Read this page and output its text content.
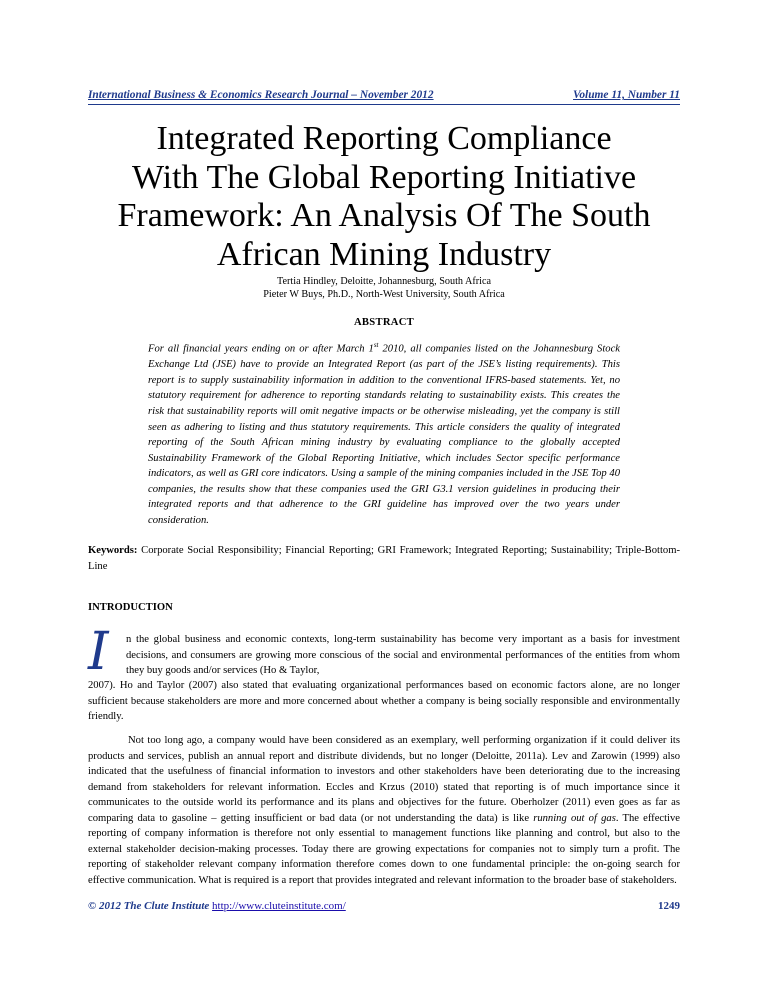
International Business & Economics Research Journal – November 2012	Volume 11, Number 11
Integrated Reporting Compliance
With The Global Reporting Initiative
Framework: An Analysis Of The South
African Mining Industry
Tertia Hindley, Deloitte, Johannesburg, South Africa
Pieter W Buys, Ph.D., North-West University, South Africa
ABSTRACT
For all financial years ending on or after March 1st 2010, all companies listed on the Johannesburg Stock Exchange Ltd (JSE) have to provide an Integrated Report (as part of the JSE’s listing requirements). This report is to supply sustainability information in addition to the conventional IFRS-based statements. Yet, no statutory requirement for adherence to reporting standards relating to sustainability exists. This creates the risk that sustainability reports will omit negative impacts or be otherwise misleading, yet the company is still seen as adhering to listing and thus statutory requirements. This article considers the quality of integrated reporting of the South African mining industry by evaluating compliance to the globally accepted Sustainability Framework of the Global Reporting Initiative, which includes Sector specific performance indicators, as well as GRI core indicators. Using a sample of the mining companies included in the JSE Top 40 companies, the results show that these companies used the GRI G3.1 version guidelines in producing their integrated reports and that adherence to the GRI guideline has improved over the two years under consideration.
Keywords: Corporate Social Responsibility; Financial Reporting; GRI Framework; Integrated Reporting; Sustainability; Triple-Bottom-Line
INTRODUCTION
I n the global business and economic contexts, long-term sustainability has become very important as a basis for investment decisions, and consumers are growing more conscious of the social and environmental performances of the entities from whom they buy goods and/or services (Ho & Taylor,
2007). Ho and Taylor (2007) also stated that evaluating organizational performances based on economic factors alone, are no longer sufficient because stakeholders are more and more concerned about whether a company is being socially responsible and environmentally friendly.
Not too long ago, a company would have been considered as an exemplary, well performing organization if it could deliver its products and services, publish an annual report and distribute dividends, but no longer (Deloitte, 2011a). Lev and Zarowin (1999) also indicated that the usefulness of financial information to investors and other stakeholders have been deteriorating due to the increasing demand from stakeholders for relevant information. Eccles and Krzus (2010) stated that reporting is of much importance since it communicates to the outside world its performance and its plans and objectives for the future. Oberholzer (2011) even goes as far as comparing data to gasoline – getting insufficient or bad data (or not understanding the data) is like running out of gas. The effective reporting of company information is therefore not only essential to management functions like planning and control, but also to the external stakeholder decision-making processes. Today there are growing expectations for companies not to simply turn a profit. The reporting of stakeholder relevant company information therefore comes down to one fundamental principle: the on-going search for effective communication. What is required is a report that provides integrated and relevant information to the broader base of stakeholders.
© 2012 The Clute Institute http://www.cluteinstitute.com/	1249
